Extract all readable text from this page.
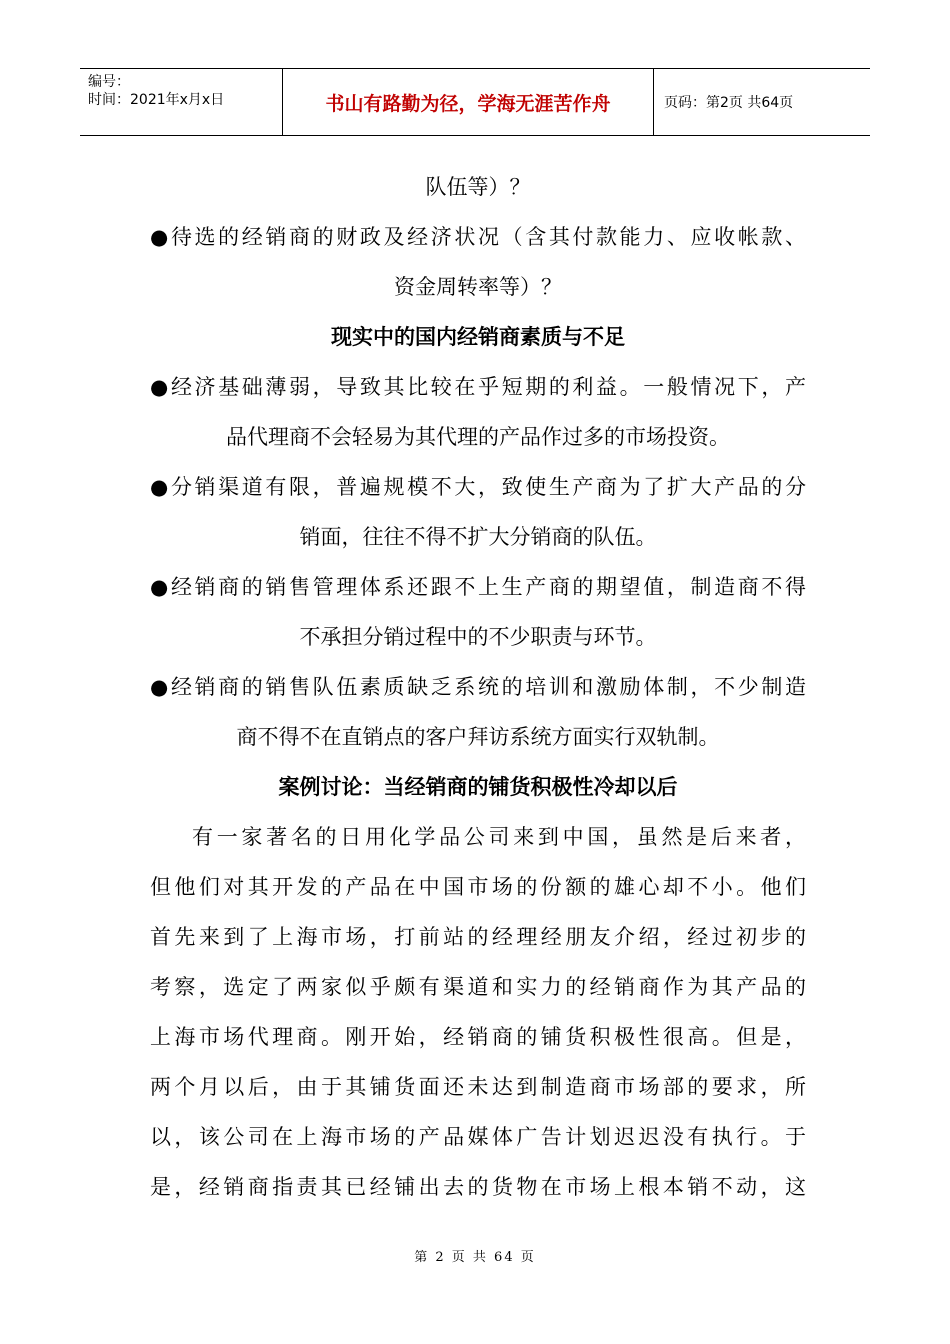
编号：
时间：2021年x月x日	书山有路勤为径，学海无涯苦作舟	页码：第2页 共64页

队伍等）？

●待选的经销商的财政及经济状况（含其付款能力、应收帐款、

资金周转率等）？

现实中的国内经销商素质与不足

●经济基础薄弱，导致其比较在乎短期的利益。一般情况下，产

品代理商不会轻易为其代理的产品作过多的市场投资。

●分销渠道有限，普遍规模不大，致使生产商为了扩大产品的分

销面，往往不得不扩大分销商的队伍。

●经销商的销售管理体系还跟不上生产商的期望值，制造商不得

不承担分销过程中的不少职责与环节。

●经销商的销售队伍素质缺乏系统的培训和激励体制，不少制造

商不得不在直销点的客户拜访系统方面实行双轨制。

案例讨论：当经销商的铺货积极性冷却以后

有一家著名的日用化学品公司来到中国，虽然是后来者，

但他们对其开发的产品在中国市场的份额的雄心却不小。他们

首先来到了上海市场，打前站的经理经朋友介绍，经过初步的

考察，选定了两家似乎颇有渠道和实力的经销商作为其产品的

上海市场代理商。刚开始，经销商的铺货积极性很高。但是，

两个月以后，由于其铺货面还未达到制造商市场部的要求，所

以，该公司在上海市场的产品媒体广告计划迟迟没有执行。于

是，经销商指责其已经铺出去的货物在市场上根本销不动，这

第 2 页 共 64 页
